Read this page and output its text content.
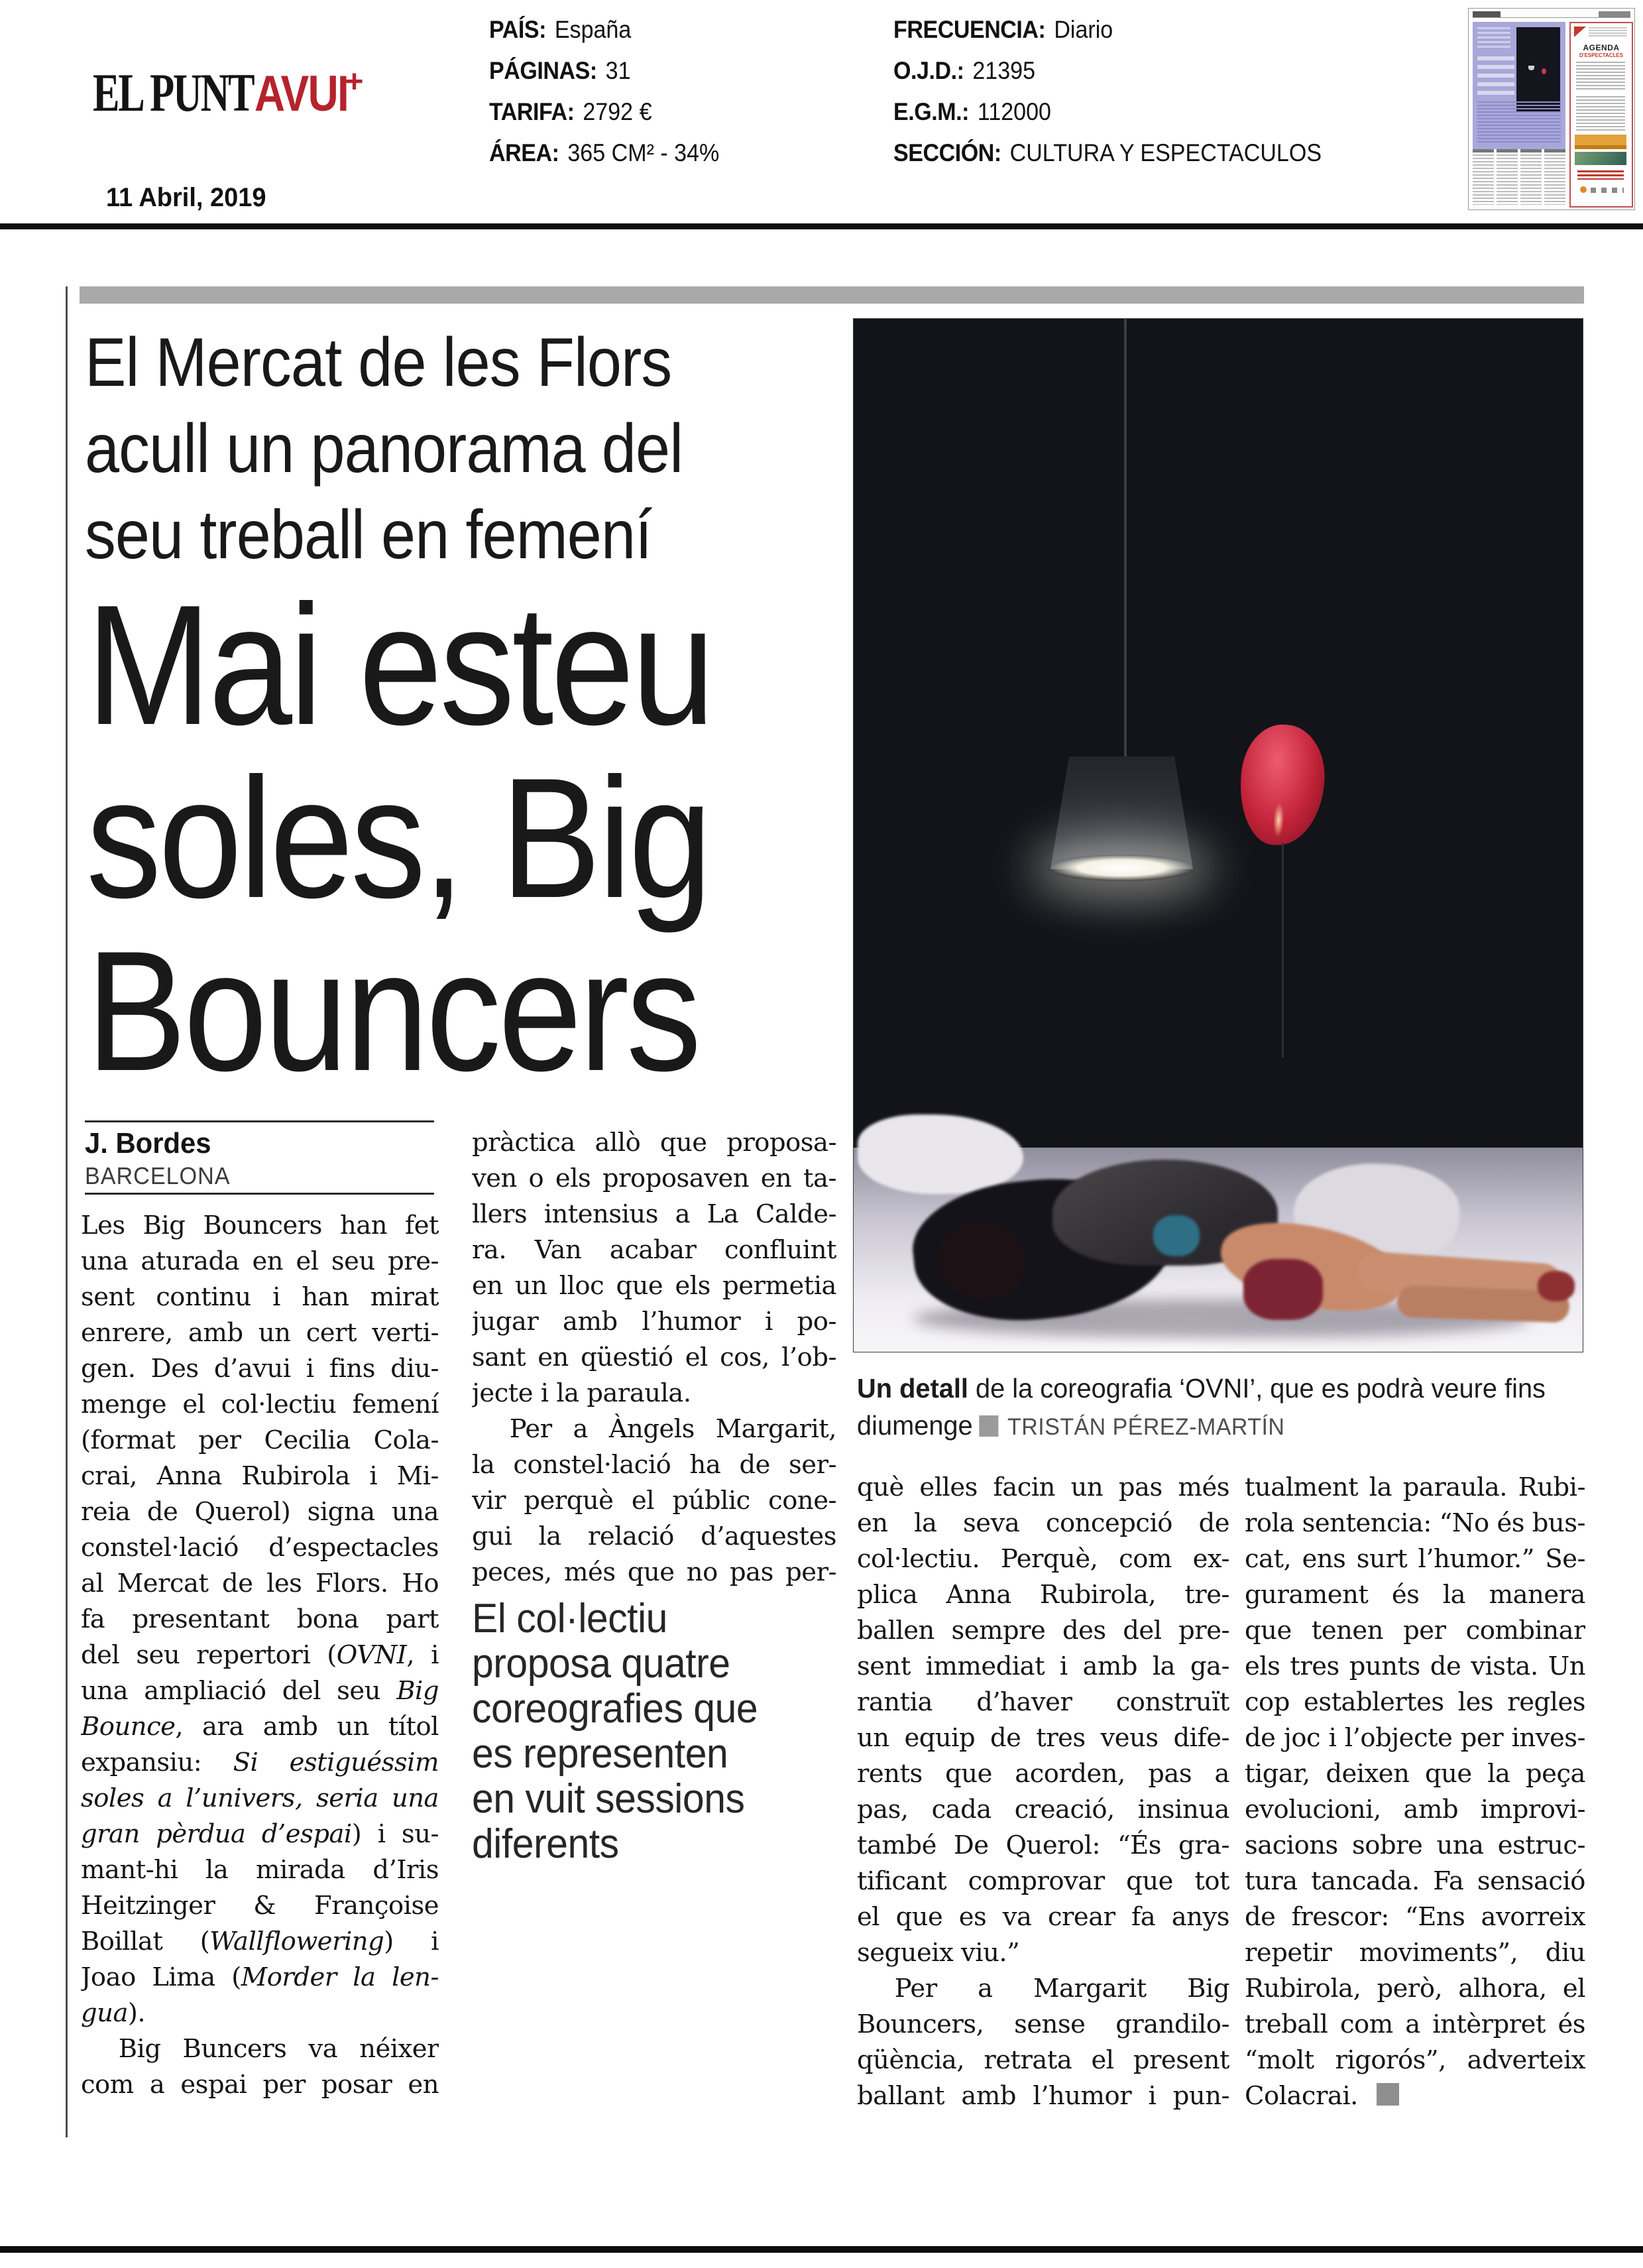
EL PUNT AVUI +
11 Abril, 2019
PAÍS: España
PÁGINAS: 31
TARIFA: 2792 €
ÁREA: 365 CM² - 34%
FRECUENCIA: Diario
O.J.D.: 21395
E.G.M.: 112000
SECCIÓN: CULTURA Y ESPECTACULOS
AGENDA
D'ESPECTACLES
El Mercat de les Flors
acull un panorama del
seu treball en femení
Mai esteu
soles, Big
Bouncers
J. Bordes
BARCELONA
Les Big Bouncers han fet
una aturada en el seu pre-
sent continu i han mirat
enrere, amb un cert verti-
gen. Des d’avui i fins diu-
menge el col·lectiu femení
(format per Cecilia Cola-
crai, Anna Rubirola i Mi-
reia de Querol) signa una
constel·lació d’espectacles
al Mercat de les Flors. Ho
fa presentant bona part
del seu repertori (OVNI, i
una ampliació del seu Big
Bounce, ara amb un títol
expansiu: Si estiguéssim
soles a l’univers, seria una
gran pèrdua d’espai) i su-
mant-hi la mirada d’Iris
Heitzinger & Françoise
Boillat (Wallflowering) i
Joao Lima (Morder la len-
gua).
  Big Buncers va néixer
com a espai per posar en
pràctica allò que proposa-
ven o els proposaven en ta-
llers intensius a La Calde-
ra. Van acabar confluint
en un lloc que els permetia
jugar amb l’humor i po-
sant en qüestió el cos, l’ob-
jecte i la paraula.
  Per a Àngels Margarit,
la constel·lació ha de ser-
vir perquè el públic cone-
gui la relació d’aquestes
peces, més que no pas per-
què elles facin un pas més
en la seva concepció de
col·lectiu. Perquè, com ex-
plica Anna Rubirola, tre-
ballen sempre des del pre-
sent immediat i amb la ga-
rantia d’haver construït
un equip de tres veus dife-
rents que acorden, pas a
pas, cada creació, insinua
també De Querol: “És gra-
tificant comprovar que tot
el que es va crear fa anys
segueix viu.”
  Per a Margarit Big
Bouncers, sense grandilo-
qüència, retrata el present
ballant amb l’humor i pun-
tualment la paraula. Rubi-
rola sentencia: “No és bus-
cat, ens surt l’humor.” Se-
gurament és la manera
que tenen per combinar
els tres punts de vista. Un
cop establertes les regles
de joc i l’objecte per inves-
tigar, deixen que la peça
evolucioni, amb improvi-
sacions sobre una estruc-
tura tancada. Fa sensació
de frescor: “Ens avorreix
repetir moviments”, diu
Rubirola, però, alhora, el
treball com a intèrpret és
“molt rigorós”, adverteix
Colacrai.
El col·lectiu
proposa quatre
coreografies que
es representen
en vuit sessions
diferents
Un detall de la coreografia ‘OVNI’, que es podrà veure fins
diumenge TRISTÁN PÉREZ-MARTÍN
